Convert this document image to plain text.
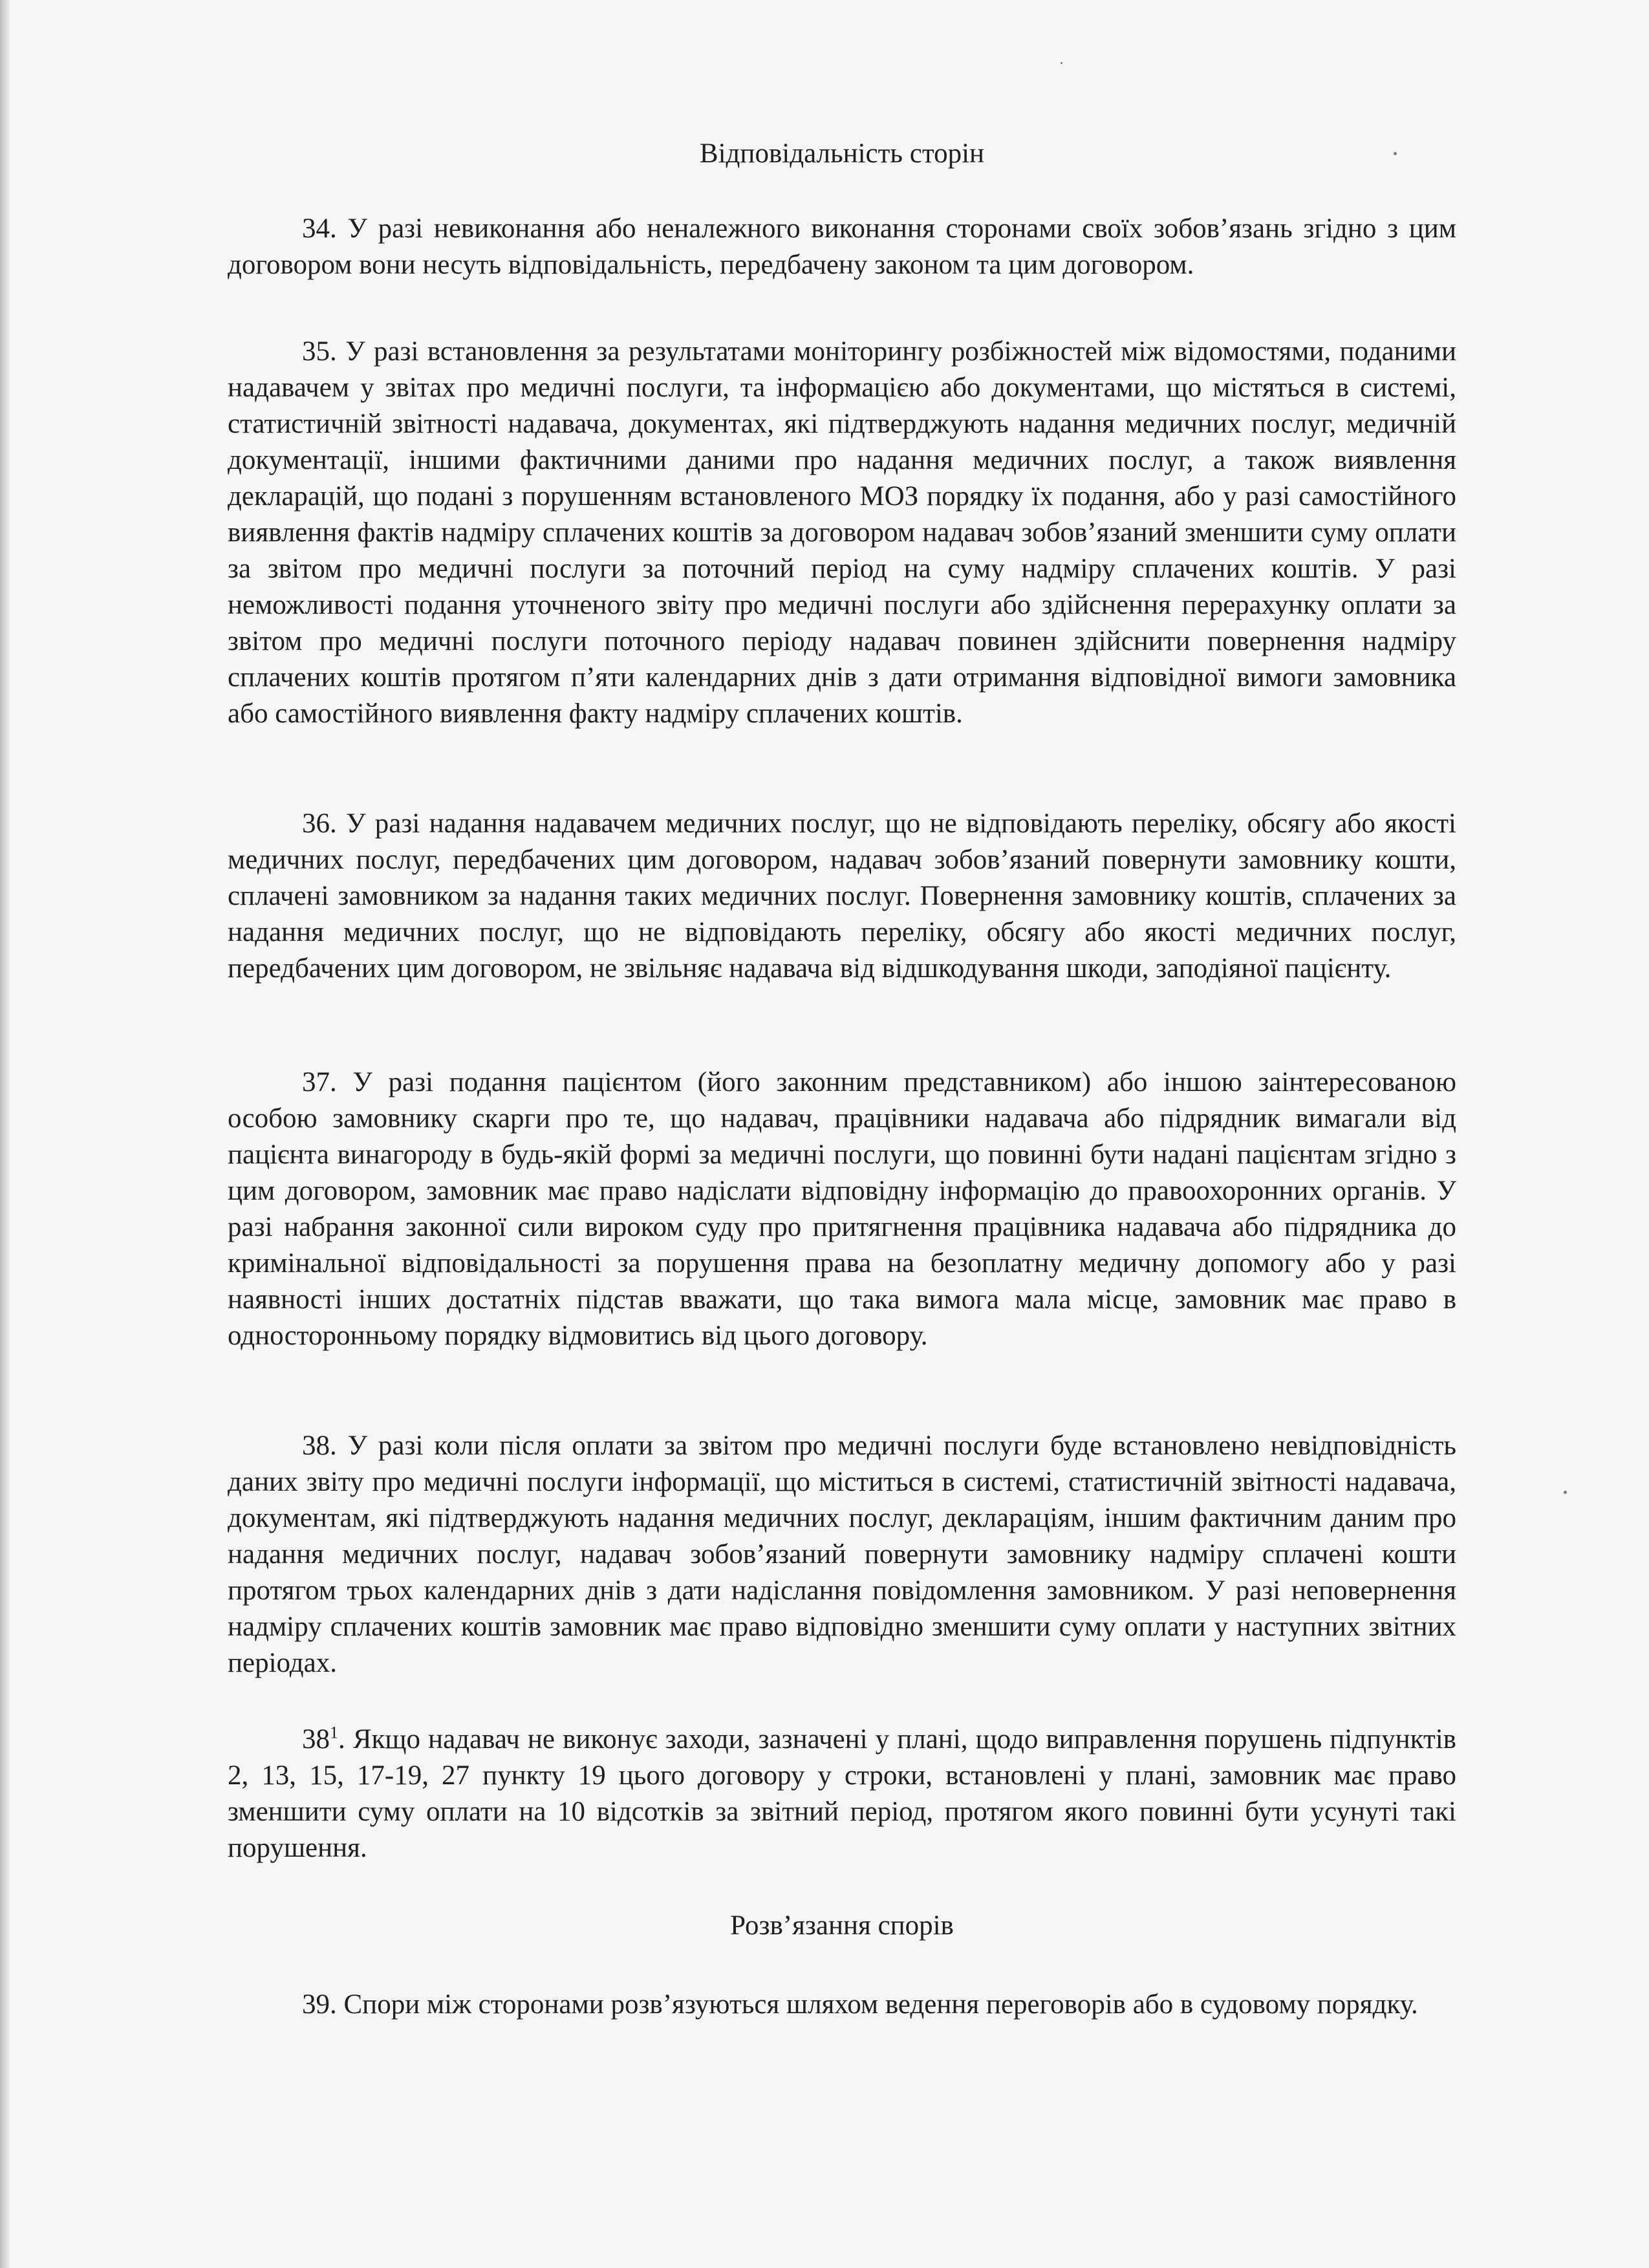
Відповідальність сторін

34. У разі невиконання або неналежного виконання сторонами своїх зобов’язань згідно з цим договором вони несуть відповідальність, передбачену законом та цим договором.

35. У разі встановлення за результатами моніторингу розбіжностей між відомостями, поданими надавачем у звітах про медичні послуги, та інформацією або документами, що містяться в системі, статистичній звітності надавача, документах, які підтверджують надання медичних послуг, медичній документації, іншими фактичними даними про надання медичних послуг, а також виявлення декларацій, що подані з порушенням встановленого МОЗ порядку їх подання, або у разі самостійного виявлення фактів надміру сплачених коштів за договором надавач зобов’язаний зменшити суму оплати за звітом про медичні послуги за поточний період на суму надміру сплачених коштів. У разі неможливості подання уточненого звіту про медичні послуги або здійснення перерахунку оплати за звітом про медичні послуги поточного періоду надавач повинен здійснити повернення надміру сплачених коштів протягом п’яти календарних днів з дати отримання відповідної вимоги замовника або самостійного виявлення факту надміру сплачених коштів.

36. У разі надання надавачем медичних послуг, що не відповідають переліку, обсягу або якості медичних послуг, передбачених цим договором, надавач зобов’язаний повернути замовнику кошти, сплачені замовником за надання таких медичних послуг. Повернення замовнику коштів, сплачених за надання медичних послуг, що не відповідають переліку, обсягу або якості медичних послуг, передбачених цим договором, не звільняє надавача від відшкодування шкоди, заподіяної пацієнту.

37. У разі подання пацієнтом (його законним представником) або іншою заінтересованою особою замовнику скарги про те, що надавач, працівники надавача або підрядник вимагали від пацієнта винагороду в будь-якій формі за медичні послуги, що повинні бути надані пацієнтам згідно з цим договором, замовник має право надіслати відповідну інформацію до правоохоронних органів. У разі набрання законної сили вироком суду про притягнення працівника надавача або підрядника до кримінальної відповідальності за порушення права на безоплатну медичну допомогу або у разі наявності інших достатніх підстав вважати, що така вимога мала місце, замовник має право в односторонньому порядку відмовитись від цього договору.

38. У разі коли після оплати за звітом про медичні послуги буде встановлено невідповідність даних звіту про медичні послуги інформації, що міститься в системі, статистичній звітності надавача, документам, які підтверджують надання медичних послуг, деклараціям, іншим фактичним даним про надання медичних послуг, надавач зобов’язаний повернути замовнику надміру сплачені кошти протягом трьох календарних днів з дати надіслання повідомлення замовником. У разі неповернення надміру сплачених коштів замовник має право відповідно зменшити суму оплати у наступних звітних періодах.

$38^1$. Якщо надавач не виконує заходи, зазначені у плані, щодо виправлення порушень підпунктів 2, 13, 15, 17-19, 27 пункту 19 цього договору у строки, встановлені у плані, замовник має право зменшити суму оплати на 10 відсотків за звітний період, протягом якого повинні бути усунуті такі порушення.

Розв’язання спорів

39. Спори між сторонами розв’язуються шляхом ведення переговорів або в судовому порядку.
